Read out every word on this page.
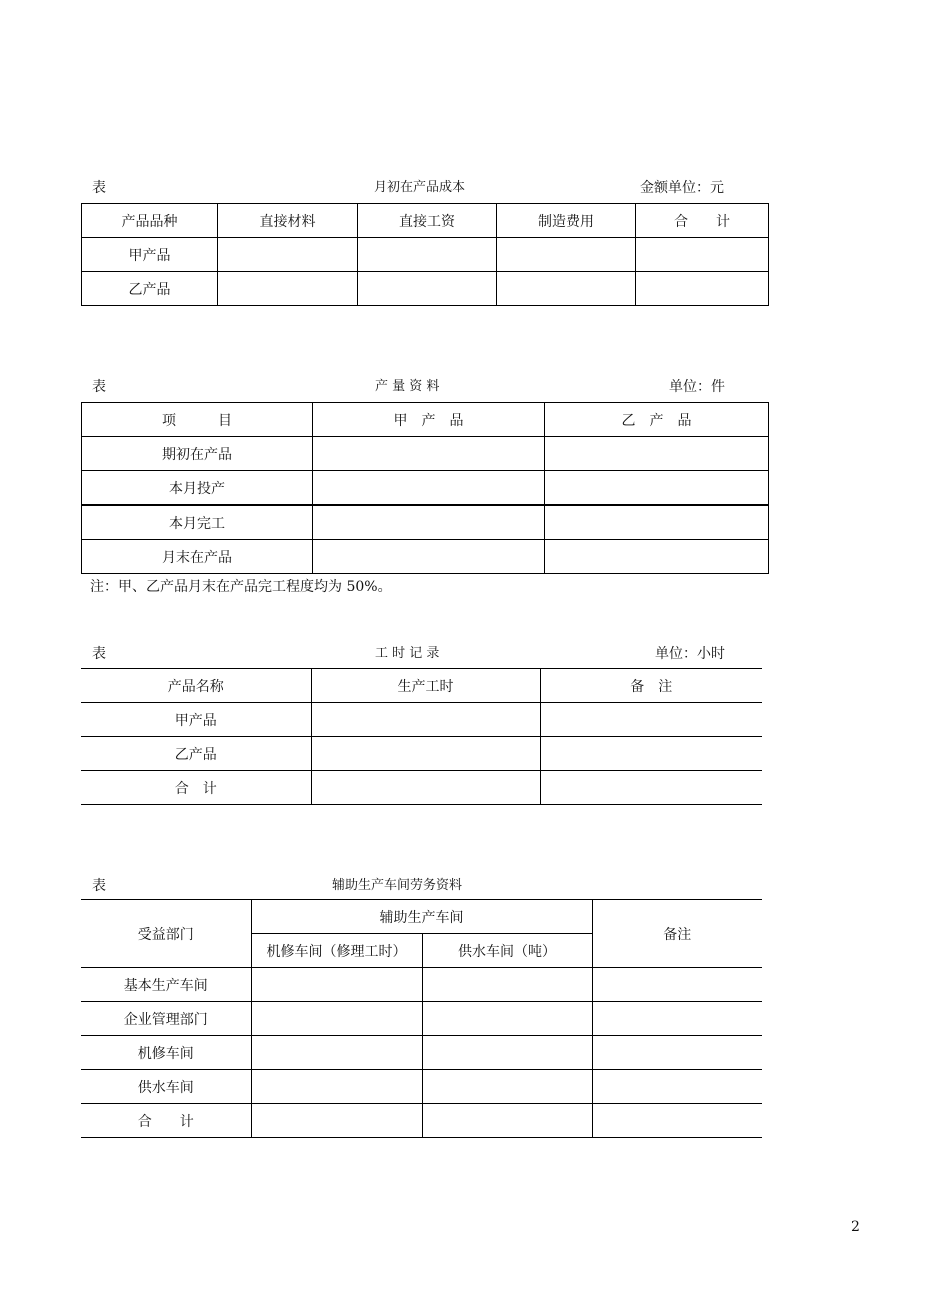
表	月初在产品成本	金额单位：元
产品品种	直接材料	直接工资	制造费用	合　　计
甲产品				
乙产品				
表	产 量 资 料	单位：件
项　　　目	甲　产　品	乙　产　品
期初在产品		
本月投产		
本月完工		
月末在产品		
注：甲、乙产品月末在产品完工程度均为 50%。
表	工 时 记 录	单位：小时
产品名称	生产工时	备　注
甲产品		
乙产品		
合　计		
表	辅助生产车间劳务资料
受益部门	辅助生产车间		备注
	机修车间（修理工时）	供水车间（吨）	
基本生产车间			
企业管理部门			
机修车间			
供水车间			
合　　计			
2
